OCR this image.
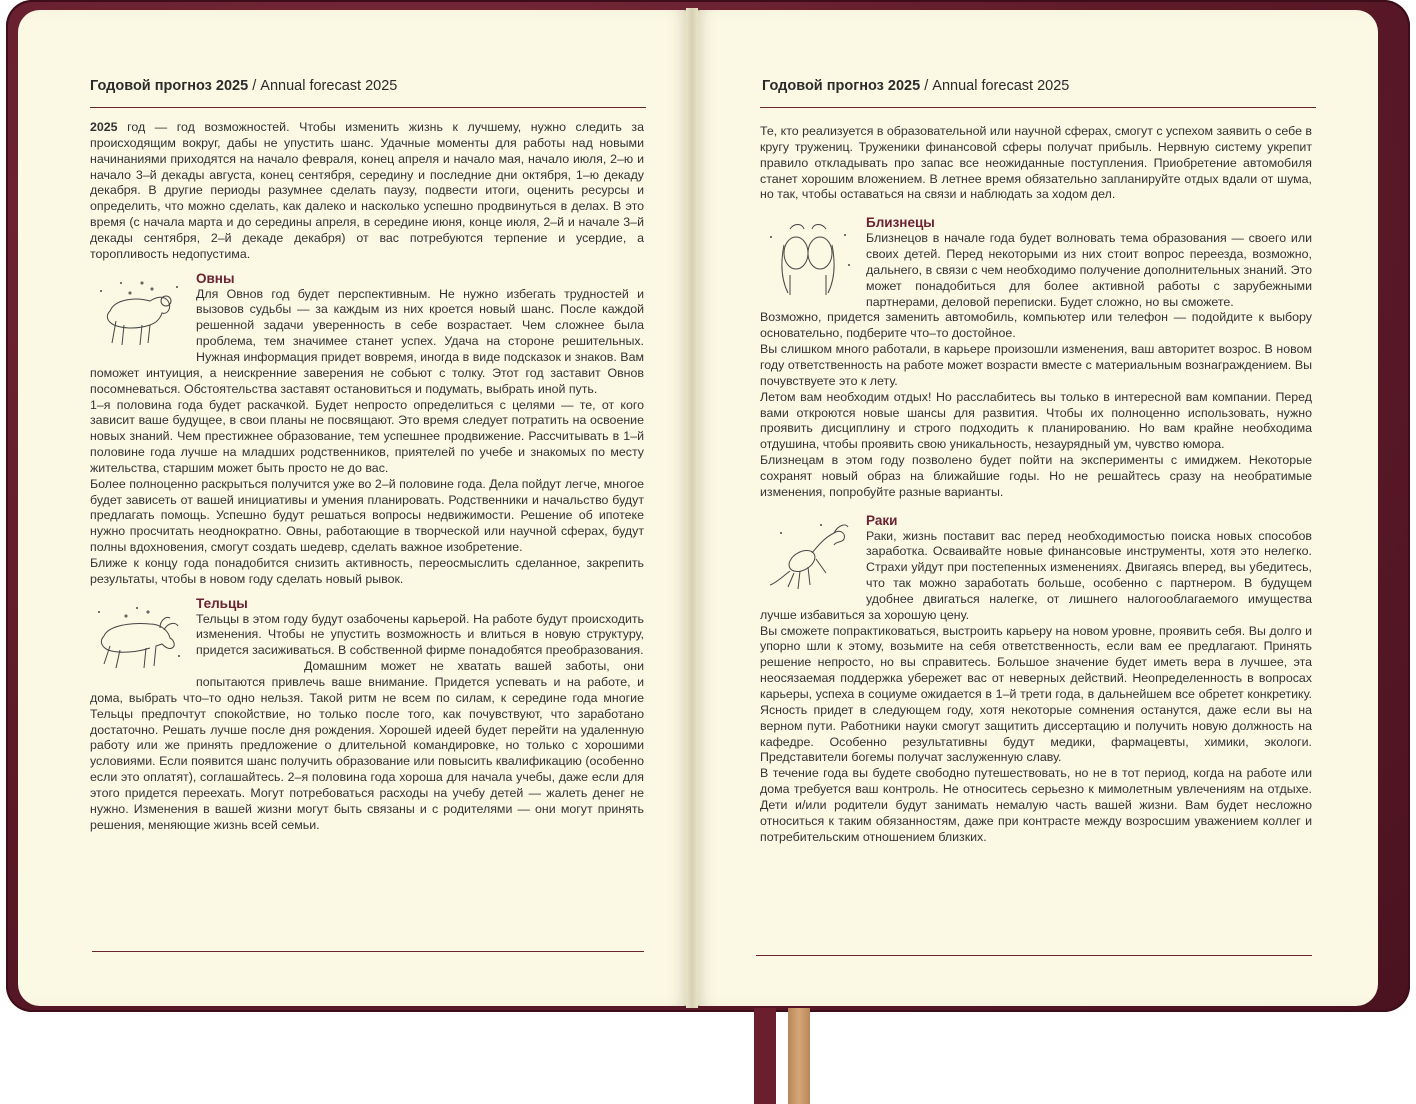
Годовой прогноз 2025 / Annual forecast 2025

2025 год — год возможностей. Чтобы изменить жизнь к лучшему, нужно следить за происходящим вокруг, дабы не упустить шанс. Удачные моменты для работы над новыми начинаниями приходятся на начало февраля, конец апреля и начало мая, начало июля, 2–ю и начало 3–й декады августа, конец сентября, середину и последние дни октября, 1–ю декаду декабря. В другие периоды разумнее сделать паузу, подвести итоги, оценить ресурсы и определить, что можно сделать, как далеко и насколько успешно продвинуться в делах. В это время (с начала марта и до середины апреля, в середине июня, конце июля, 2–й и начале 3–й декады сентября, 2–й декаде декабря) от вас потребуются терпение и усердие, а торопливость недопустима.

Овны

Для Овнов год будет перспективным. Не нужно избегать трудностей и вызовов судьбы — за каждым из них кроется новый шанс. После каждой решенной задачи уверенность в себе возрастает. Чем сложнее была проблема, тем значимее станет успех. Удача на стороне решительных. Нужная информация придет вовремя, иногда в виде подсказок и знаков. Вам поможет интуиция, а неискренние заверения не собьют с толку. Этот год заставит Овнов посомневаться. Обстоятельства заставят остановиться и подумать, выбрать иной путь.

1–я половина года будет раскачкой. Будет непросто определиться с целями — те, от кого зависит ваше будущее, в свои планы не посвящают. Это время следует потратить на освоение новых знаний. Чем престижнее образование, тем успешнее продвижение. Рассчитывать в 1–й половине года лучше на младших родственников, приятелей по учебе и знакомых по месту жительства, старшим может быть просто не до вас.

Более полноценно раскрыться получится уже во 2–й половине года. Дела пойдут легче, многое будет зависеть от вашей инициативы и умения планировать. Родственники и начальство будут предлагать помощь. Успешно будут решаться вопросы недвижимости. Решение об ипотеке нужно просчитать неоднократно. Овны, работающие в творческой или научной сферах, будут полны вдохновения, смогут создать шедевр, сделать важное изобретение.

Ближе к концу года понадобится снизить активность, переосмыслить сделанное, закрепить результаты, чтобы в новом году сделать новый рывок.

Тельцы

Тельцы в этом году будут озабочены карьерой. На работе будут происходить изменения. Чтобы не упустить возможность и влиться в новую структуру, придется засиживаться. В собственной фирме понадобятся преобразования.

Домашним может не хватать вашей заботы, они попытаются привлечь ваше внимание. Придется успевать и на работе, и дома, выбрать что–то одно нельзя. Такой ритм не всем по силам, к середине года многие Тельцы предпочтут спокойствие, но только после того, как почувствуют, что заработано достаточно. Решать лучше после дня рождения. Хорошей идеей будет перейти на удаленную работу или же принять предложение о длительной командировке, но только с хорошими условиями. Если появится шанс получить образование или повысить квалификацию (особенно если это оплатят), соглашайтесь. 2–я половина года хороша для начала учебы, даже если для этого придется переехать. Могут потребоваться расходы на учебу детей — жалеть денег не нужно. Изменения в вашей жизни могут быть связаны и с родителями — они могут принять решения, меняющие жизнь всей семьи.

Годовой прогноз 2025 / Annual forecast 2025

Те, кто реализуется в образовательной или научной сферах, смогут с успехом заявить о себе в кругу тружениц. Труженики финансовой сферы получат прибыль. Нервную систему укрепит правило откладывать про запас все неожиданные поступления. Приобретение автомобиля станет хорошим вложением. В летнее время обязательно запланируйте отдых вдали от шума, но так, чтобы оставаться на связи и наблюдать за ходом дел.

Близнецы

Близнецов в начале года будет волновать тема образования — своего или своих детей. Перед некоторыми из них стоит вопрос переезда, возможно, дальнего, в связи с чем необходимо получение дополнительных знаний. Это может понадобиться для более активной работы с зарубежными партнерами, деловой переписки. Будет сложно, но вы сможете.

Возможно, придется заменить автомобиль, компьютер или телефон — подойдите к выбору основательно, подберите что–то достойное.

Вы слишком много работали, в карьере произошли изменения, ваш авторитет возрос. В новом году ответственность на работе может возрасти вместе с материальным вознаграждением. Вы почувствуете это к лету.

Летом вам необходим отдых! Но расслабитесь вы только в интересной вам компании. Перед вами откроются новые шансы для развития. Чтобы их полноценно использовать, нужно проявить дисциплину и строго подходить к планированию. Но вам крайне необходима отдушина, чтобы проявить свою уникальность, незаурядный ум, чувство юмора.

Близнецам в этом году позволено будет пойти на эксперименты с имиджем. Некоторые сохранят новый образ на ближайшие годы. Но не решайтесь сразу на необратимые изменения, попробуйте разные варианты.

Раки

Раки, жизнь поставит вас перед необходимостью поиска новых способов заработка. Осваивайте новые финансовые инструменты, хотя это нелегко. Страхи уйдут при постепенных изменениях. Двигаясь вперед, вы убедитесь, что так можно заработать больше, особенно с партнером. В будущем удобнее двигаться налегке, от лишнего налогооблагаемого имущества лучше избавиться за хорошую цену.

Вы сможете попрактиковаться, выстроить карьеру на новом уровне, проявить себя. Вы долго и упорно шли к этому, возьмите на себя ответственность, если вам ее предлагают. Принять решение непросто, но вы справитесь. Большое значение будет иметь вера в лучшее, эта неосязаемая поддержка убережет вас от неверных действий. Неопределенность в вопросах карьеры, успеха в социуме ожидается в 1–й трети года, в дальнейшем все обретет конкретику. Ясность придет в следующем году, хотя некоторые сомнения останутся, даже если вы на верном пути. Работники науки смогут защитить диссертацию и получить новую должность на кафедре. Особенно результативны будут медики, фармацевты, химики, экологи. Представители богемы получат заслуженную славу.

В течение года вы будете свободно путешествовать, но не в тот период, когда на работе или дома требуется ваш контроль. Не относитесь серьезно к мимолетным увлечениям на отдыхе. Дети и/или родители будут занимать немалую часть вашей жизни. Вам будет несложно относиться к таким обязанностям, даже при контрасте между возросшим уважением коллег и потребительским отношением близких.
